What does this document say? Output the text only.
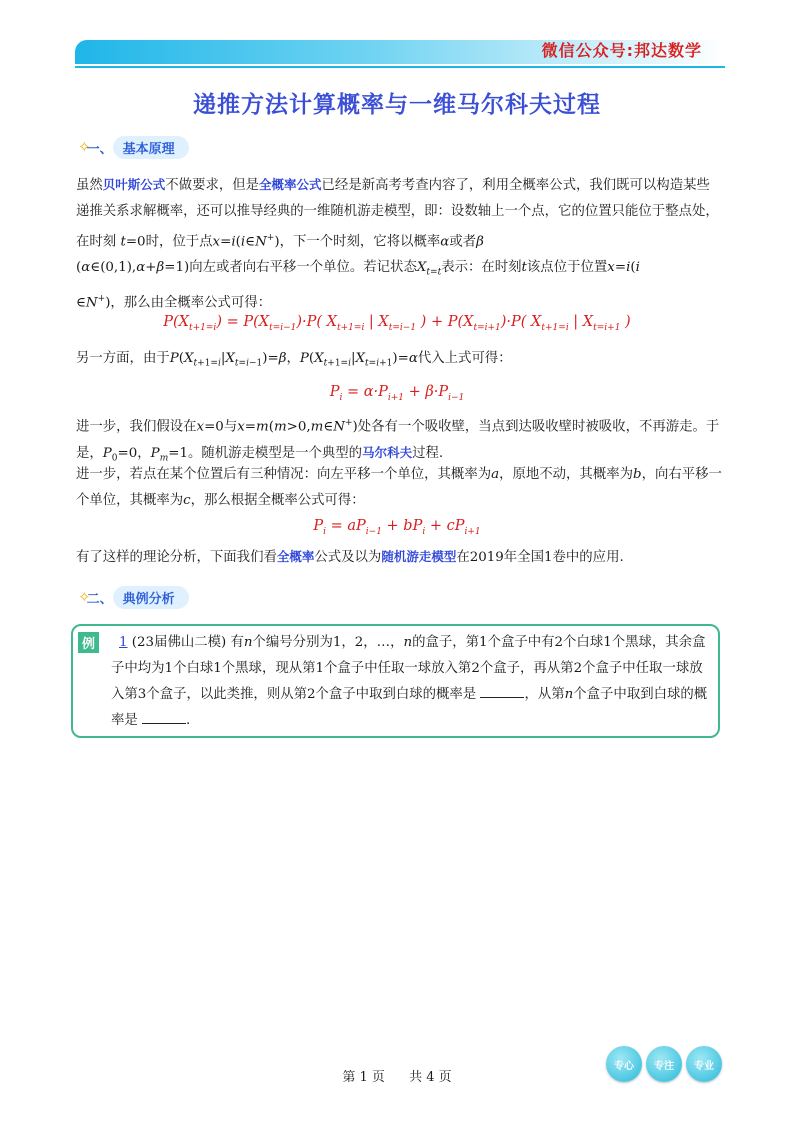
微信公众号:邦达数学
递推方法计算概率与一维马尔科夫过程
✧
一、 基本原理
虽然贝叶斯公式不做要求，但是全概率公式已经是新高考考查内容了，利用全概率公式，我们既可以构造某些递推关系求解概率，还可以推导经典的一维随机游走模型，即：设数轴上一个点，它的位置只能位于整点处，在时刻 t=0时，位于点x=i(i∈N+)，下一个时刻，它将以概率α或者β
(α∈(0,1),α+β=1)向左或者向右平移一个单位。若记状态$X_{t=t}$表示：在时刻t该点位于位置x=i(i
∈N+)，那么由全概率公式可得：
$P(X_{t+1=i}) = P(X_{t=i-1})\cdot P$( $X_{t+1=i}$ | $X_{t=i-1}$ ) + $P(X_{t=i+1})\cdot P$( $X_{t+1=i}$ | $X_{t=i+1}$ )
另一方面，由于$P(X_{t+1=i}|X_{t=i-1})=\beta$，$P(X_{t+1=i}|X_{t=i+1})=\alpha$代入上式可得：
$P_i = \alpha\cdot P_{i+1} + \beta\cdot P_{i-1}$
进一步，我们假设在x=0与x=m(m>0,m∈N+)处各有一个吸收壁，当点到达吸收壁时被吸收，不再游走。于是，$P_0=0$，$P_m=1$。随机游走模型是一个典型的马尔科夫过程.
进一步，若点在某个位置后有三种情况：向左平移一个单位，其概率为a，原地不动，其概率为b，向右平移一个单位，其概率为c，那么根据全概率公式可得：
$P_i = aP_{i-1} + bP_i + cP_{i+1}$
有了这样的理论分析，下面我们看全概率公式及以为随机游走模型在2019年全国1卷中的应用.
✧
二、 典例分析
例	1 (23届佛山二模) 有n个编号分别为1，2，…，n的盒子，第1个盒子中有2个白球1个黑球，其余盒子中均为1个白球1个黑球，现从第1个盒子中任取一球放入第2个盒子，再从第2个盒子中任取一球放入第3个盒子，以此类推，则从第2个盒子中取到白球的概率是	，从第n个盒子中取到白球的概率是	.
第 1 页 共 4 页
专心	专注	专业
